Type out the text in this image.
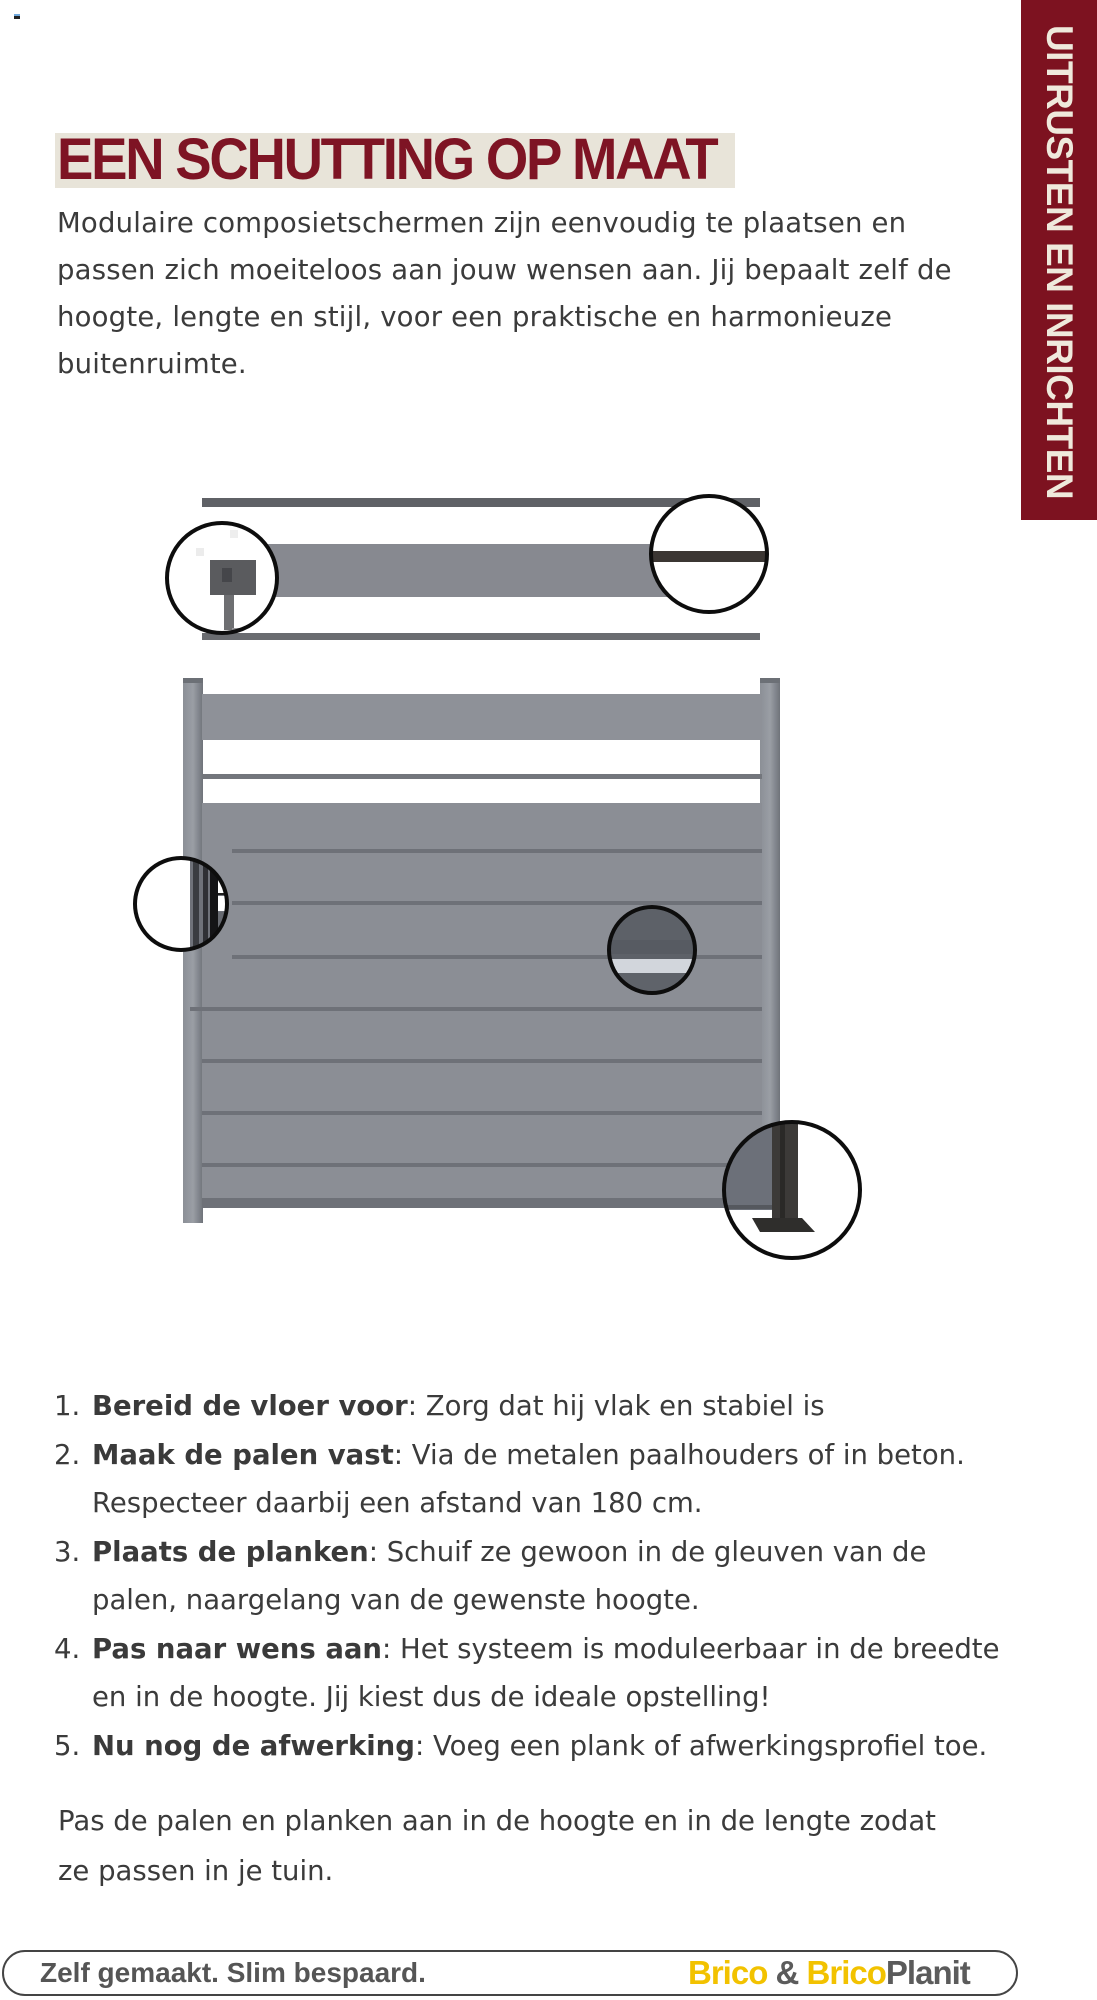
UITRUSTEN EN INRICHTEN
EEN SCHUTTING OP MAAT

Modulaire composietschermen zijn eenvoudig te plaatsen en passen zich moeiteloos aan jouw wensen aan. Jij bepaalt zelf de hoogte, lengte en stijl, voor een praktische en harmonieuze buitenruimte.

1. Bereid de vloer voor: Zorg dat hij vlak en stabiel is
2. Maak de palen vast: Via de metalen paalhouders of in beton. Respecteer daarbij een afstand van 180 cm.
3. Plaats de planken: Schuif ze gewoon in de gleuven van de palen, naargelang van de gewenste hoogte.
4. Pas naar wens aan: Het systeem is moduleerbaar in de breedte en in de hoogte. Jij kiest dus de ideale opstelling!
5. Nu nog de afwerking: Voeg een plank of afwerkingsprofiel toe.

Pas de palen en planken aan in de hoogte en in de lengte zodat ze passen in je tuin.

Zelf gemaakt. Slim bespaard.	Brico & BricoPlanit
